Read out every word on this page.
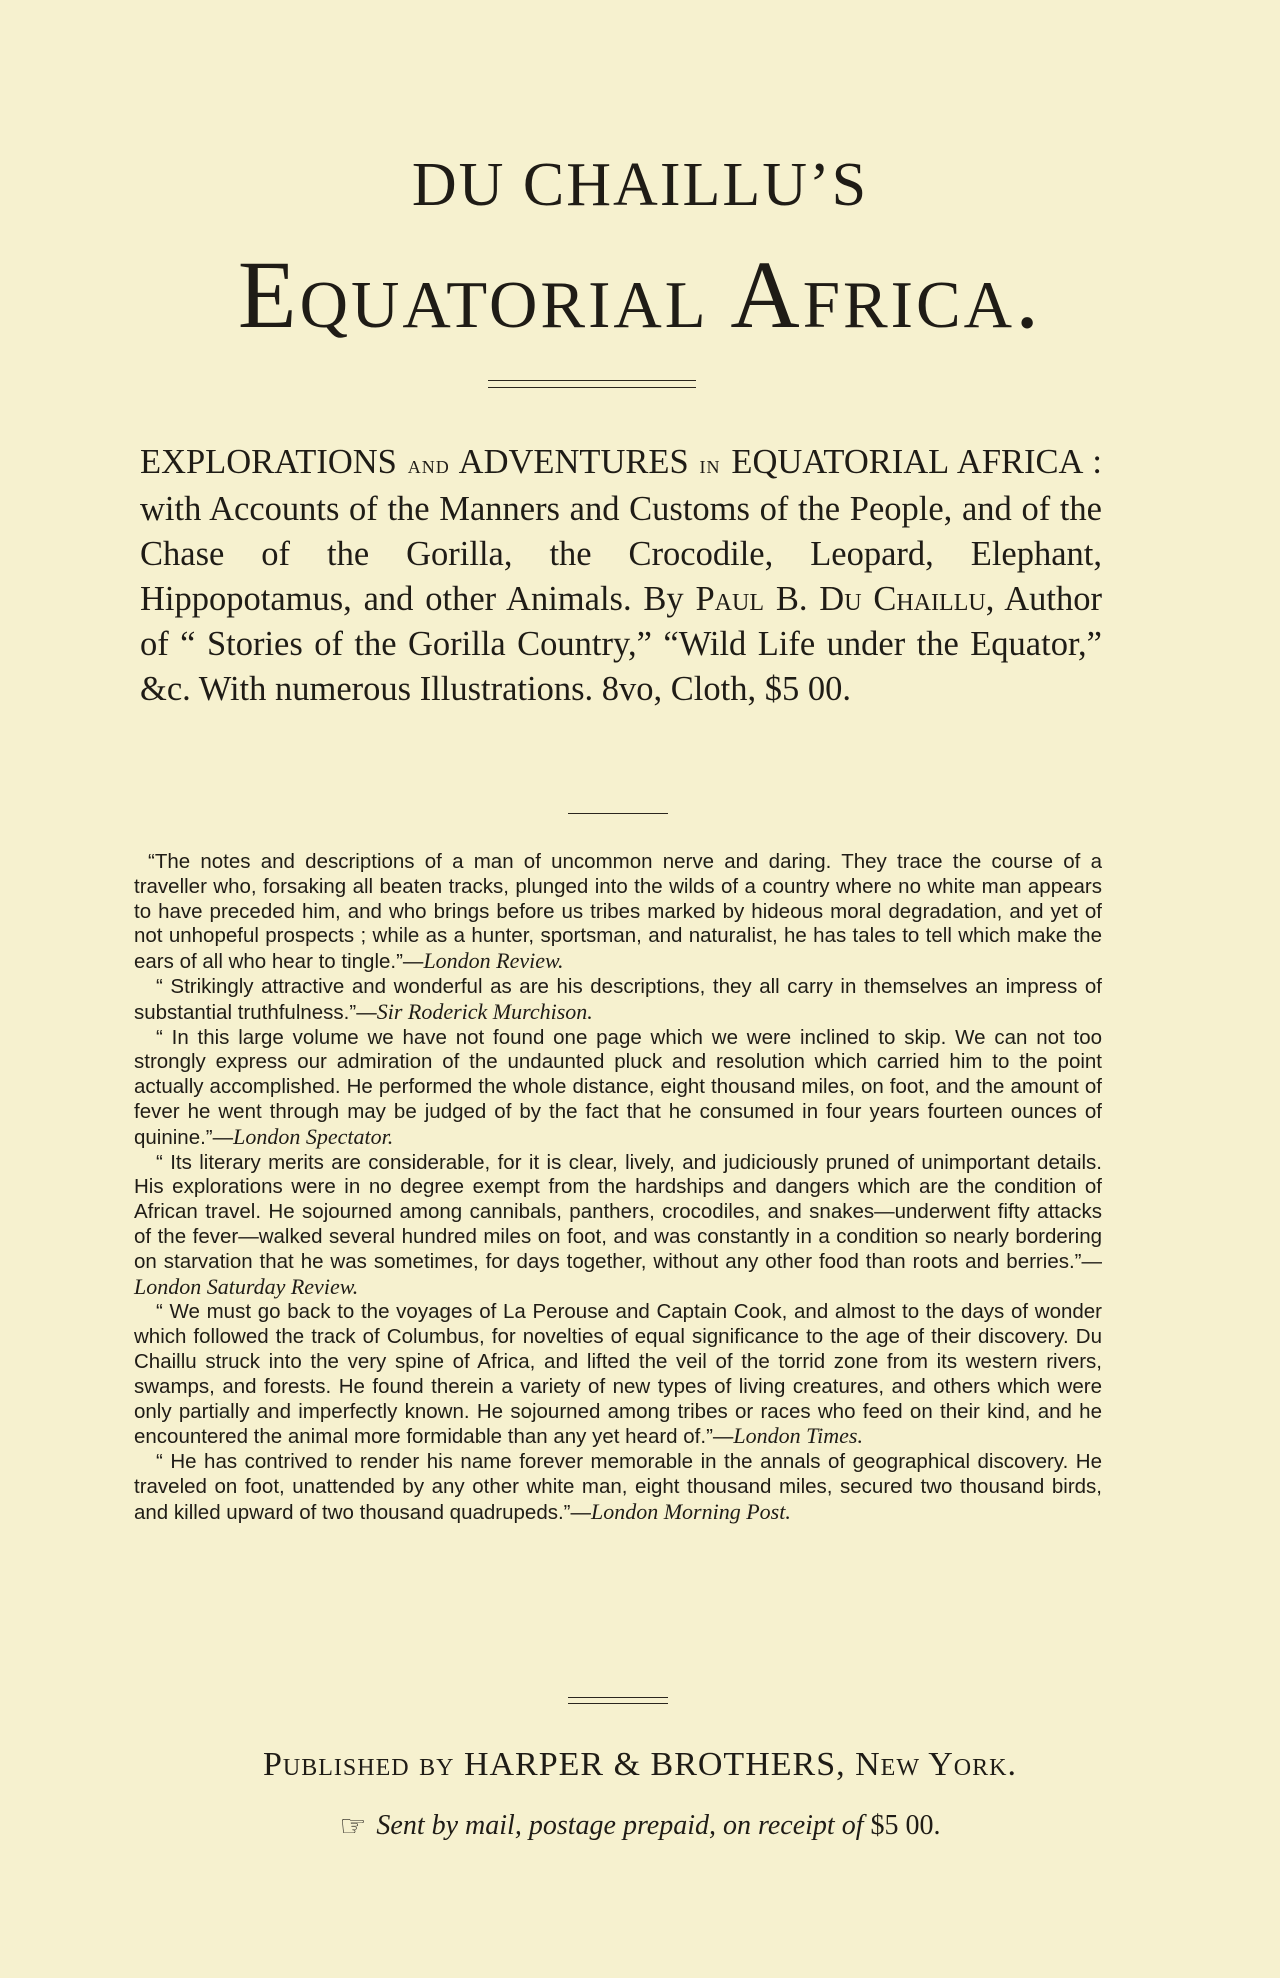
DU CHAILLU’S
Equatorial Africa.
EXPLORATIONS and ADVENTURES in EQUATORIAL AFRICA : with Accounts of the Manners and Customs of the People, and of the Chase of the Gorilla, the Crocodile, Leopard, Elephant, Hippopotamus, and other Animals. By Paul B. Du Chaillu, Author of “ Stories of the Gorilla Country,” “Wild Life under the Equator,” &c. With numerous Illustrations. 8vo, Cloth, $5 00.

“The notes and descriptions of a man of uncommon nerve and daring. They trace the course of a traveller who, forsaking all beaten tracks, plunged into the wilds of a country where no white man appears to have preceded him, and who brings before us tribes marked by hideous moral degradation, and yet of not unhopeful prospects ; while as a hunter, sportsman, and naturalist, he has tales to tell which make the ears of all who hear to tingle.”—London Review.

“ Strikingly attractive and wonderful as are his descriptions, they all carry in themselves an impress of substantial truthfulness.”—Sir Roderick Murchison.

“ In this large volume we have not found one page which we were inclined to skip. We can not too strongly express our admiration of the undaunted pluck and resolution which carried him to the point actually accomplished. He performed the whole distance, eight thousand miles, on foot, and the amount of fever he went through may be judged of by the fact that he consumed in four years fourteen ounces of quinine.”—London Spectator.

“ Its literary merits are considerable, for it is clear, lively, and judiciously pruned of unimportant details. His explorations were in no degree exempt from the hardships and dangers which are the condition of African travel. He sojourned among cannibals, panthers, crocodiles, and snakes—underwent fifty attacks of the fever—walked several hundred miles on foot, and was constantly in a condition so nearly bordering on starvation that he was sometimes, for days together, without any other food than roots and berries.”—London Saturday Review.

“ We must go back to the voyages of La Perouse and Captain Cook, and almost to the days of wonder which followed the track of Columbus, for novelties of equal significance to the age of their discovery. Du Chaillu struck into the very spine of Africa, and lifted the veil of the torrid zone from its western rivers, swamps, and forests. He found therein a variety of new types of living creatures, and others which were only partially and imperfectly known. He sojourned among tribes or races who feed on their kind, and he encountered the animal more formidable than any yet heard of.”—London Times.

“ He has contrived to render his name forever memorable in the annals of geographical discovery. He traveled on foot, unattended by any other white man, eight thousand miles, secured two thousand birds, and killed upward of two thousand quadrupeds.”—London Morning Post.

Published by HARPER & BROTHERS, New York.
☞ Sent by mail, postage prepaid, on receipt of $5 00.
